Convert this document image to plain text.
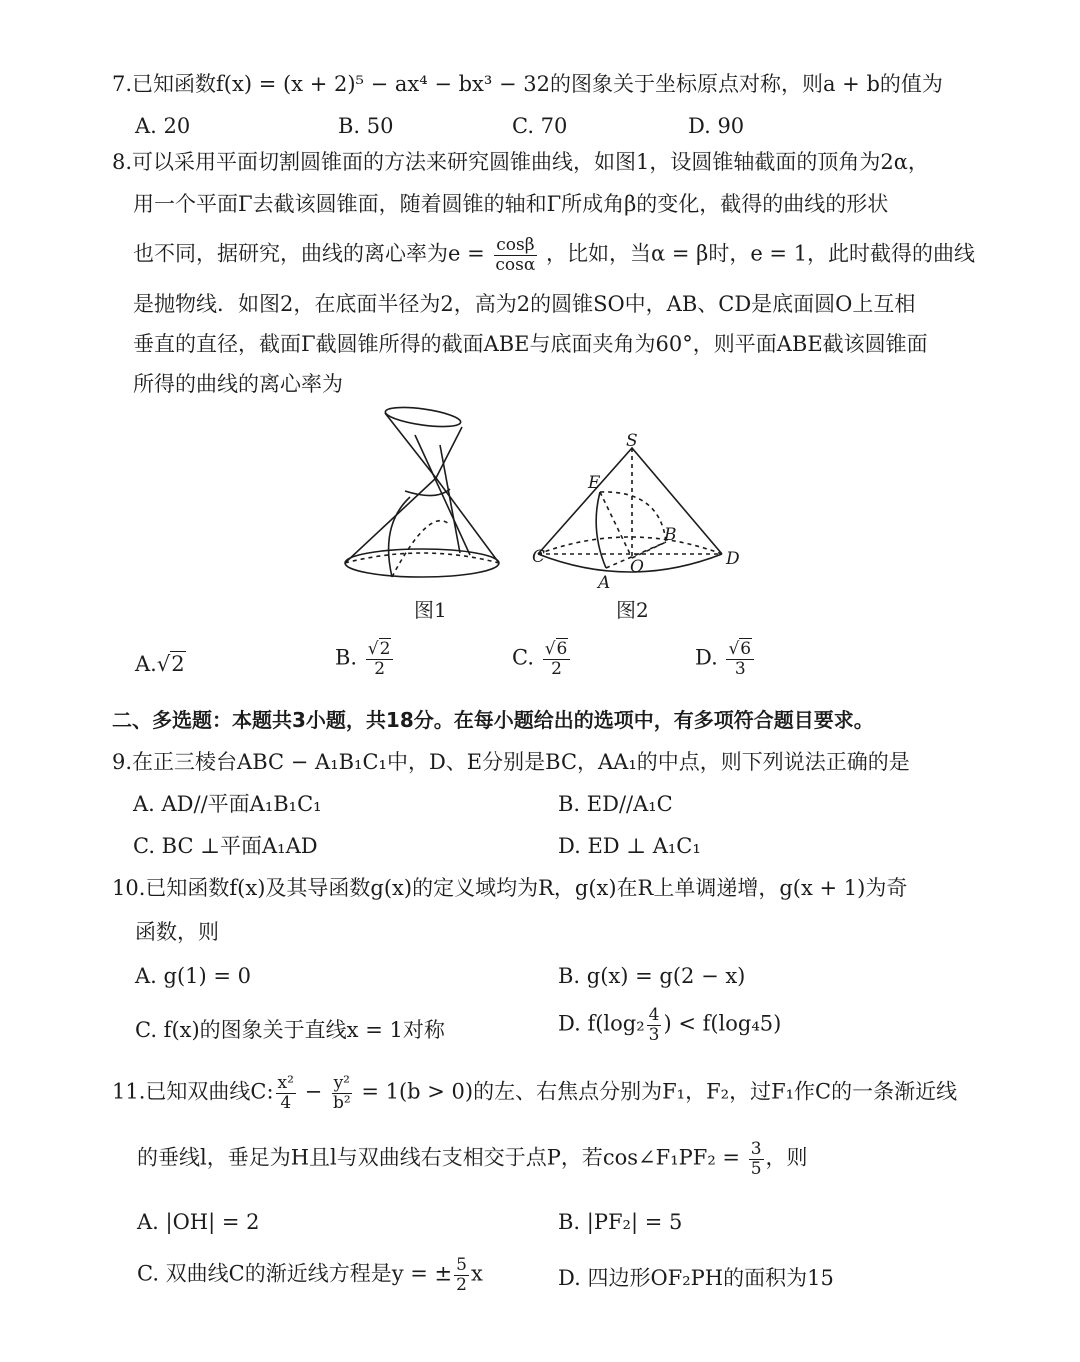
7.已知函数f(x) = (x + 2)⁵ − ax⁴ − bx³ − 32的图象关于坐标原点对称，则a + b的值为
A. 20	B. 50	C. 70	D. 90
8.可以采用平面切割圆锥面的方法来研究圆锥曲线，如图1，设圆锥轴截面的顶角为2α，
用一个平面Γ去截该圆锥面，随着圆锥的轴和Γ所成角β的变化，截得的曲线的形状
也不同，据研究，曲线的离心率为$e = \frac{\cos\beta}{\cos\alpha}$ ，比如，当α = β时，e = 1，此时截得的曲线
是抛物线．如图2，在底面半径为2，高为2的圆锥SO中，AB、CD是底面圆O上互相
垂直的直径，截面Γ截圆锥所得的截面ABE与底面夹角为60°，则平面ABE截该圆锥面
所得的曲线的离心率为
图1
S
E
B
C	O	D
A
图2
A.√2	B. $\frac{√2}{2}$	C. $\frac{√6}{2}$	D. $\frac{√6}{3}$
二、多选题：本题共3小题，共18分。在每小题给出的选项中，有多项符合题目要求。
9.在正三棱台ABC − A₁B₁C₁中，D、E分别是BC，AA₁的中点，则下列说法正确的是
A. AD//平面A₁B₁C₁	B. ED//A₁C
C. BC ⊥平面A₁AD	D. ED ⊥ A₁C₁
10.已知函数f(x)及其导函数g(x)的定义域均为R，g(x)在R上单调递增，g(x + 1)为奇
函数，则
A. g(1) = 0	B. g(x) = g(2 − x)
C. f(x)的图象关于直线x = 1对称	D. $f(\log_2 \frac{4}{3}$ ) < f(log₄5)
11.已知双曲线C: $\frac{\text{x²}}{4} - \frac{\text{y²}}{\text{b²}} = 1(b > 0)$的左、右焦点分别为F₁，F₂，过F₁作C的一条渐近线
的垂线l，垂足为H且l与双曲线右支相交于点P，若cos∠F₁PF₂ = $\frac{3}{5}$ ，则
A. |OH| = 2	B. |PF₂| = 5
C. 双曲线C的渐近线方程是y = ± $\frac{5}{2}$ x	D. 四边形OF₂PH的面积为15
